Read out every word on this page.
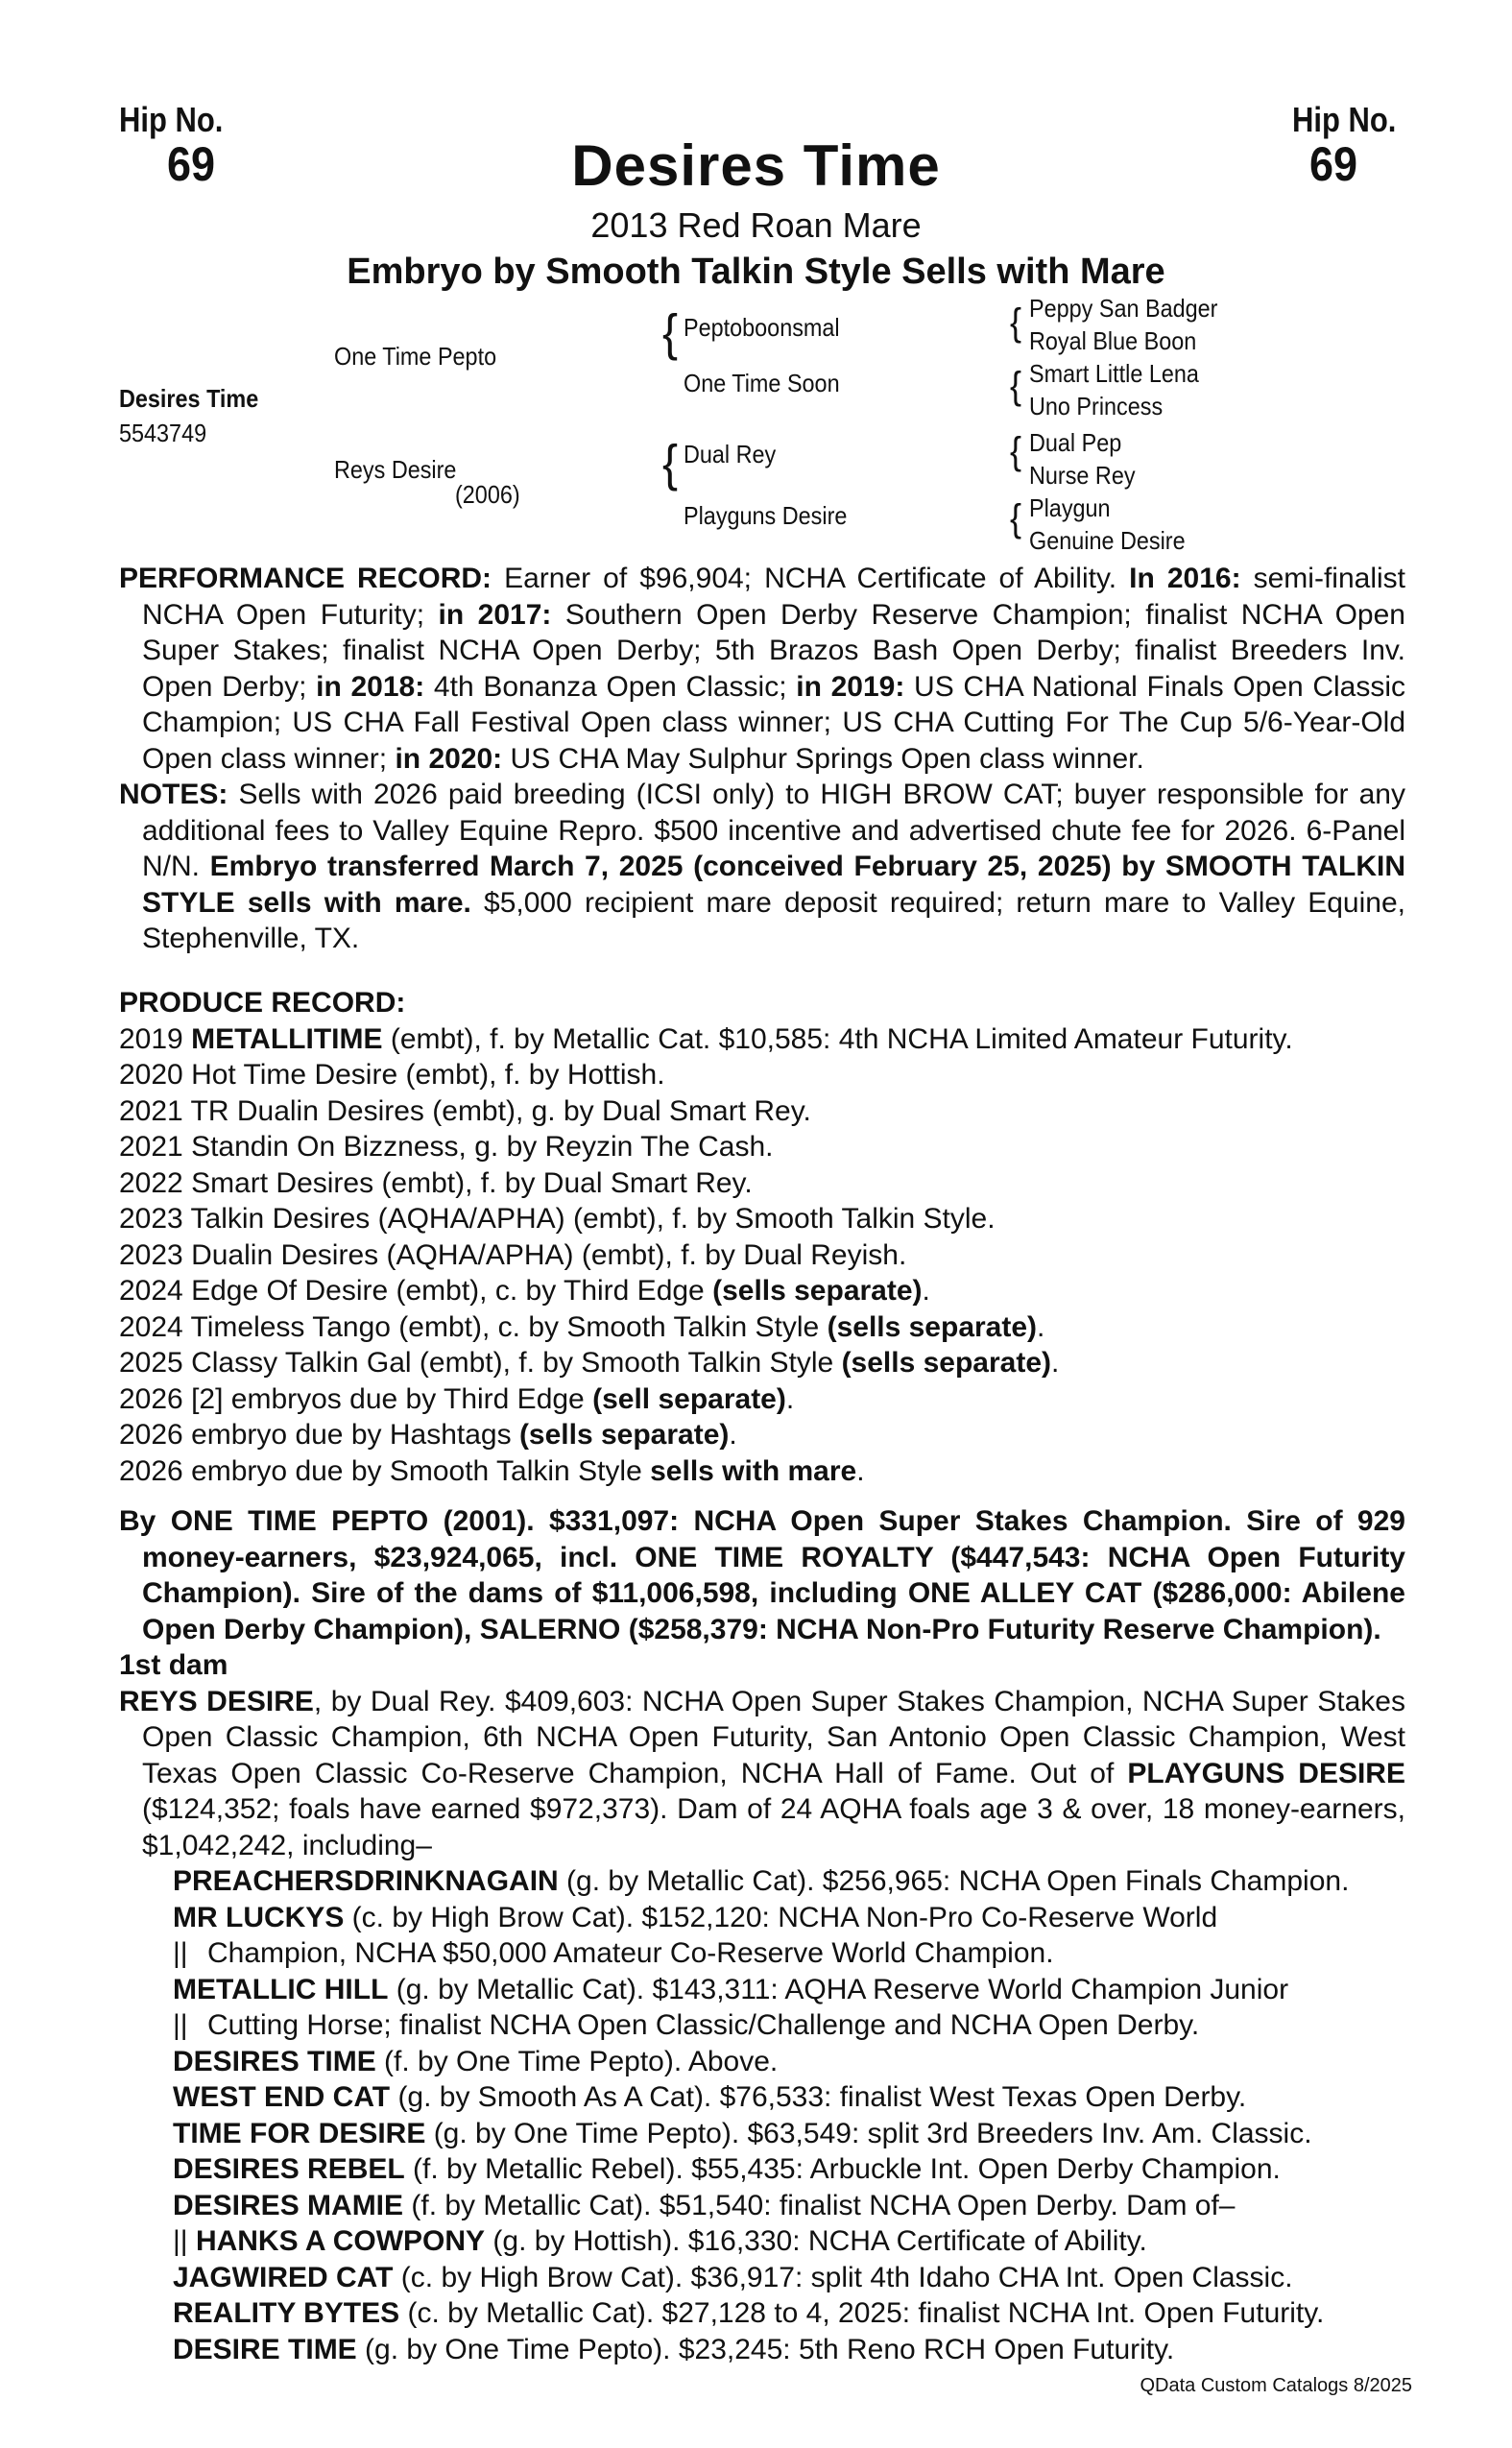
Hip No.
69
Hip No.
69
Desires Time
2013 Red Roan Mare
Embryo by Smooth Talkin Style Sells with Mare
Desires Time
5543749
One Time Pepto
Reys Desire
(2006)
{ Peptoboonsmal
One Time Soon
{ Dual Rey
Playguns Desire
{ Peppy San Badger
Royal Blue Boon
{ Smart Little Lena
Uno Princess
{ Dual Pep
Nurse Rey
{ Playgun
Genuine Desire

PERFORMANCE RECORD: Earner of $96,904; NCHA Certificate of Ability. In 2016: semi-finalist NCHA Open Futurity; in 2017: Southern Open Derby Reserve Champion; finalist NCHA Open Super Stakes; finalist NCHA Open Derby; 5th Brazos Bash Open Derby; finalist Breeders Inv. Open Derby; in 2018: 4th Bonanza Open Classic; in 2019: US CHA National Finals Open Classic Champion; US CHA Fall Festival Open class winner; US CHA Cutting For The Cup 5/6-Year-Old Open class winner; in 2020: US CHA May Sulphur Springs Open class winner.

NOTES: Sells with 2026 paid breeding (ICSI only) to HIGH BROW CAT; buyer responsible for any additional fees to Valley Equine Repro. $500 incentive and advertised chute fee for 2026. 6-Panel N/N. Embryo transferred March 7, 2025 (conceived February 25, 2025) by SMOOTH TALKIN STYLE sells with mare. $5,000 recipient mare deposit required; return mare to Valley Equine, Stephenville, TX.

PRODUCE RECORD:
2019 METALLITIME (embt), f. by Metallic Cat. $10,585: 4th NCHA Limited Amateur Futurity.
2020 Hot Time Desire (embt), f. by Hottish.
2021 TR Dualin Desires (embt), g. by Dual Smart Rey.
2021 Standin On Bizzness, g. by Reyzin The Cash.
2022 Smart Desires (embt), f. by Dual Smart Rey.
2023 Talkin Desires (AQHA/APHA) (embt), f. by Smooth Talkin Style.
2023 Dualin Desires (AQHA/APHA) (embt), f. by Dual Reyish.
2024 Edge Of Desire (embt), c. by Third Edge (sells separate).
2024 Timeless Tango (embt), c. by Smooth Talkin Style (sells separate).
2025 Classy Talkin Gal (embt), f. by Smooth Talkin Style (sells separate).
2026 [2] embryos due by Third Edge (sell separate).
2026 embryo due by Hashtags (sells separate).
2026 embryo due by Smooth Talkin Style sells with mare.

By ONE TIME PEPTO (2001). $331,097: NCHA Open Super Stakes Champion. Sire of 929 money-earners, $23,924,065, incl. ONE TIME ROYALTY ($447,543: NCHA Open Futurity Champion). Sire of the dams of $11,006,598, including ONE ALLEY CAT ($286,000: Abilene Open Derby Champion), SALERNO ($258,379: NCHA Non-Pro Futurity Reserve Champion).

1st dam

REYS DESIRE, by Dual Rey. $409,603: NCHA Open Super Stakes Champion, NCHA Super Stakes Open Classic Champion, 6th NCHA Open Futurity, San Antonio Open Classic Champion, West Texas Open Classic Co-Reserve Champion, NCHA Hall of Fame. Out of PLAYGUNS DESIRE ($124,352; foals have earned $972,373). Dam of 24 AQHA foals age 3 & over, 18 money-earners, $1,042,242, including–

PREACHERSDRINKNAGAIN (g. by Metallic Cat). $256,965: NCHA Open Finals Champion.
MR LUCKYS (c. by High Brow Cat). $152,120: NCHA Non-Pro Co-Reserve World
|| Champion, NCHA $50,000 Amateur Co-Reserve World Champion.
METALLIC HILL (g. by Metallic Cat). $143,311: AQHA Reserve World Champion Junior
|| Cutting Horse; finalist NCHA Open Classic/Challenge and NCHA Open Derby.
DESIRES TIME (f. by One Time Pepto). Above.
WEST END CAT (g. by Smooth As A Cat). $76,533: finalist West Texas Open Derby.
TIME FOR DESIRE (g. by One Time Pepto). $63,549: split 3rd Breeders Inv. Am. Classic.
DESIRES REBEL (f. by Metallic Rebel). $55,435: Arbuckle Int. Open Derby Champion.
DESIRES MAMIE (f. by Metallic Cat). $51,540: finalist NCHA Open Derby. Dam of–
|| HANKS A COWPONY (g. by Hottish). $16,330: NCHA Certificate of Ability.
JAGWIRED CAT (c. by High Brow Cat). $36,917: split 4th Idaho CHA Int. Open Classic.
REALITY BYTES (c. by Metallic Cat). $27,128 to 4, 2025: finalist NCHA Int. Open Futurity.
DESIRE TIME (g. by One Time Pepto). $23,245: 5th Reno RCH Open Futurity.
QData Custom Catalogs 8/2025
